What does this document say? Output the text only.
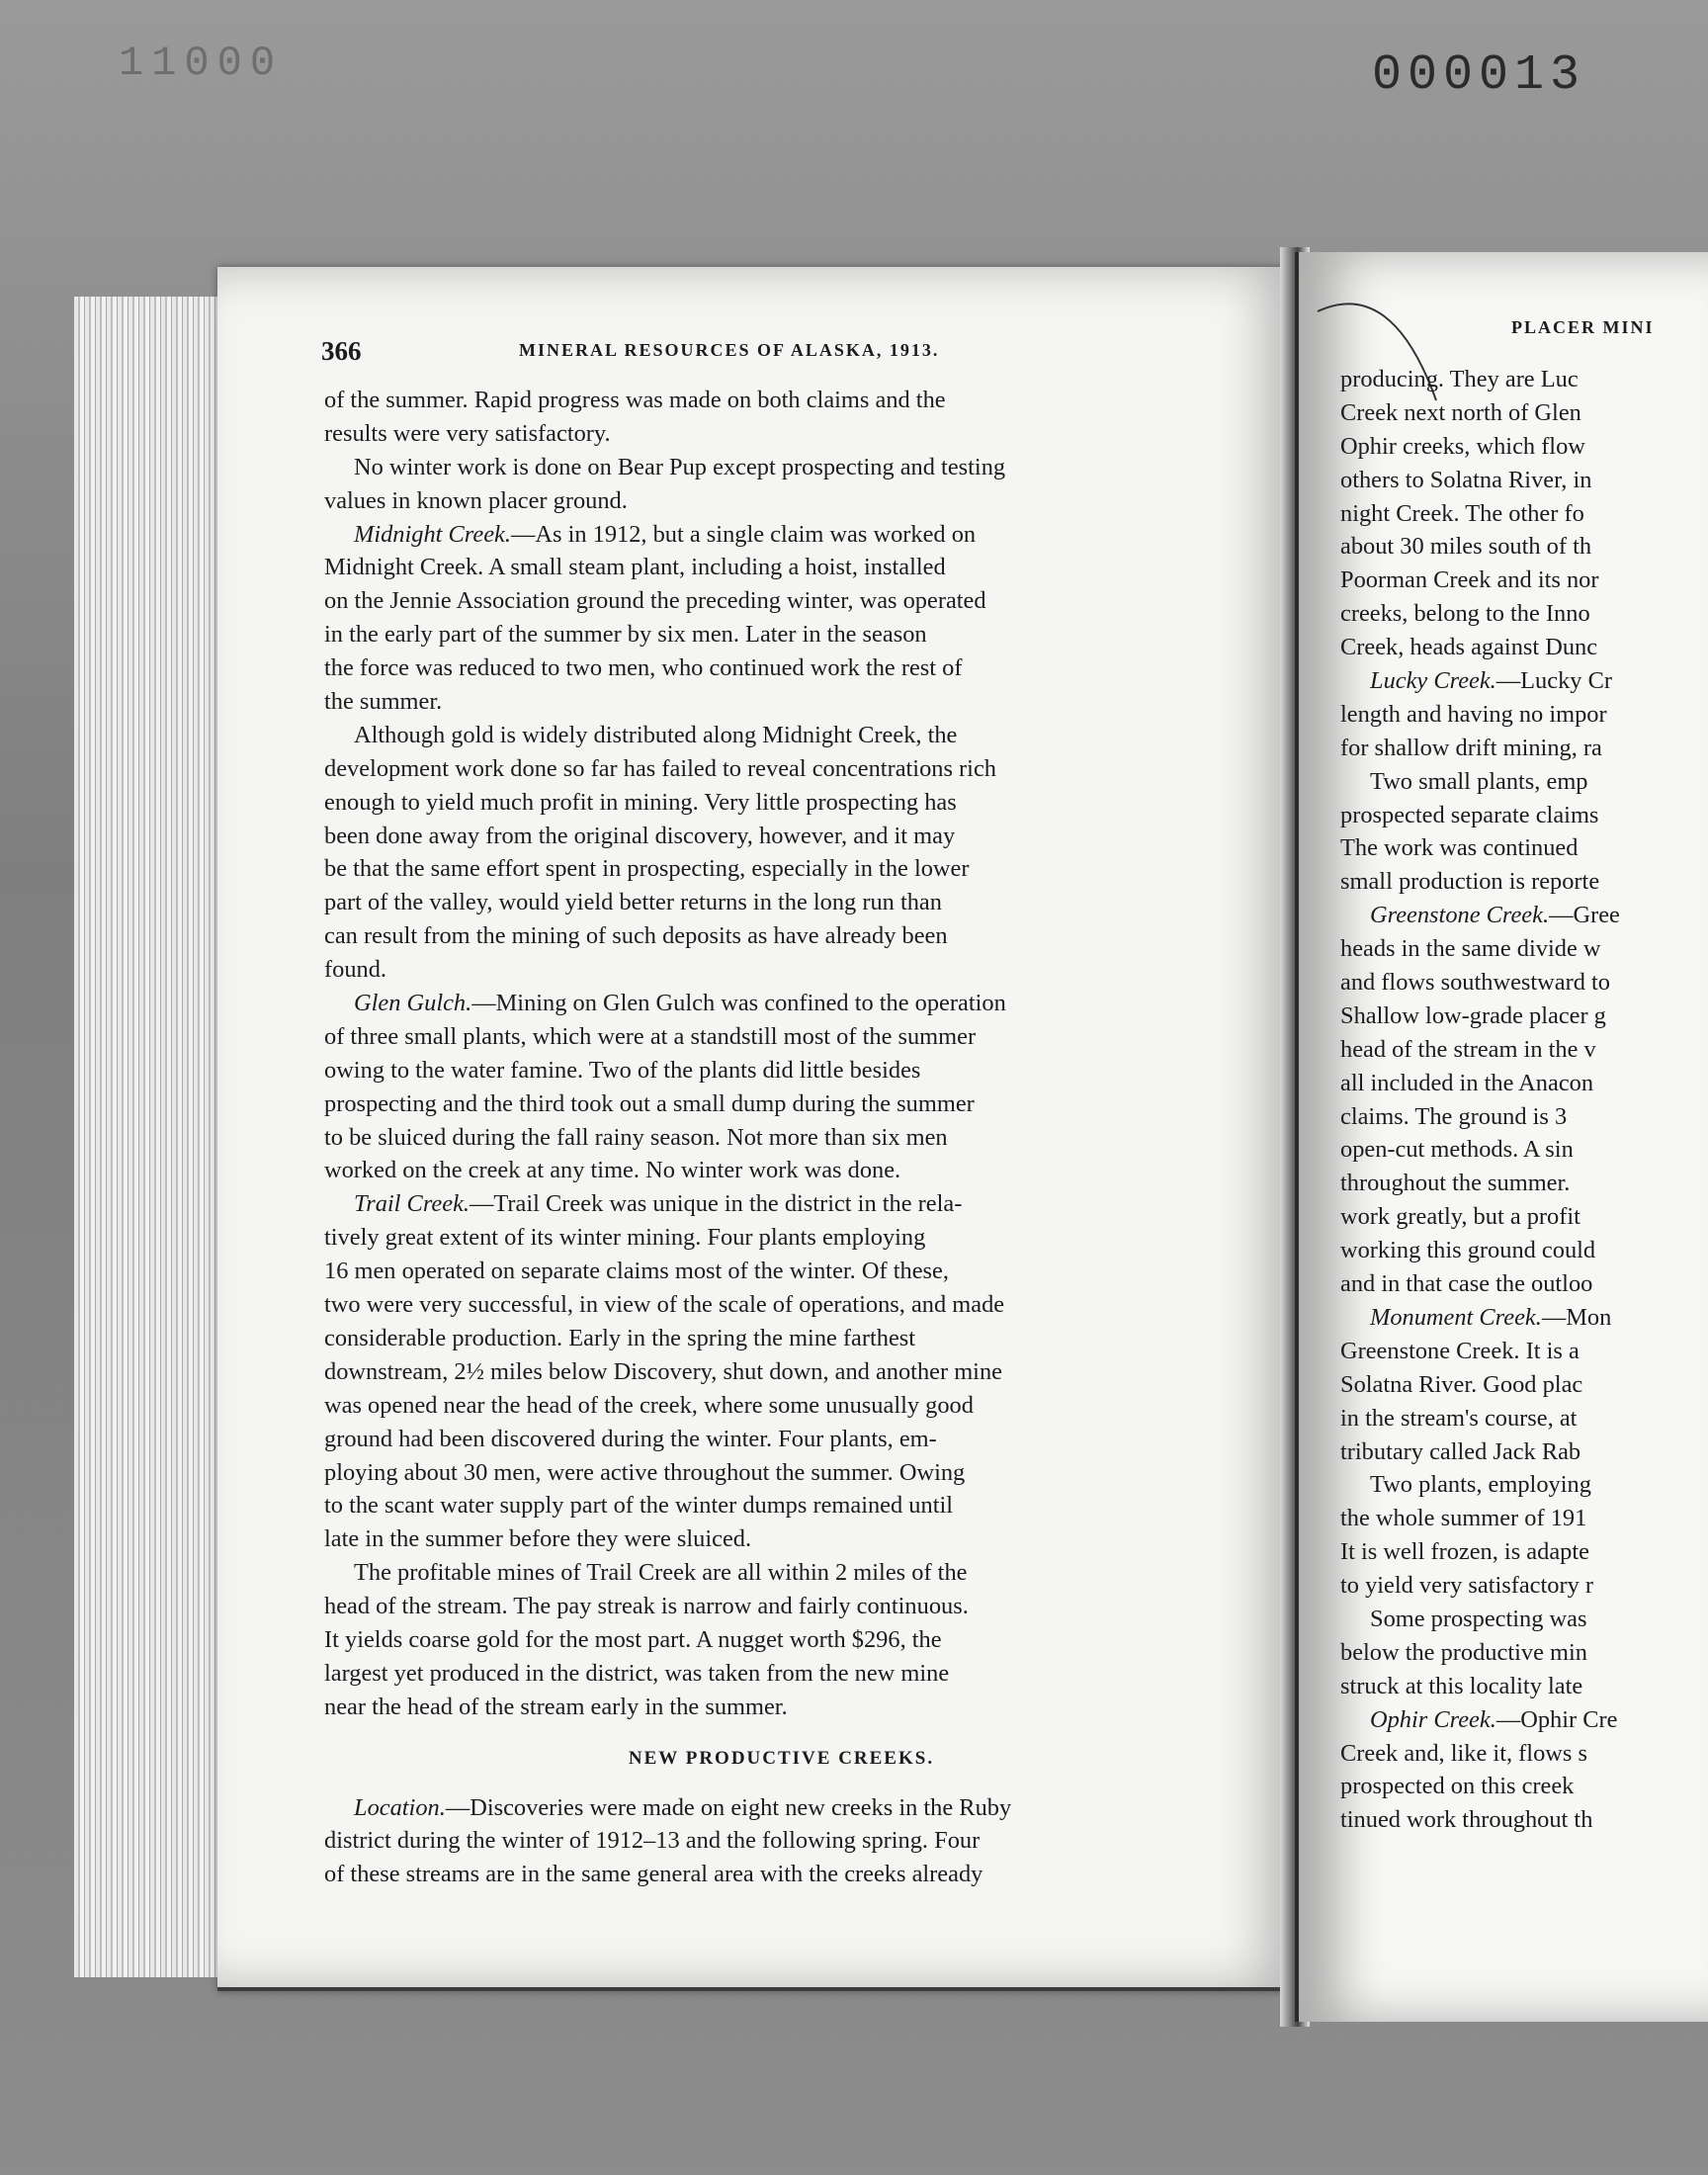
11000	000013
366	MINERAL RESOURCES OF ALASKA, 1913.
of the summer. Rapid progress was made on both claims and the
results were very satisfactory.
No winter work is done on Bear Pup except prospecting and testing
values in known placer ground.
Midnight Creek.—As in 1912, but a single claim was worked on
Midnight Creek. A small steam plant, including a hoist, installed
on the Jennie Association ground the preceding winter, was operated
in the early part of the summer by six men. Later in the season
the force was reduced to two men, who continued work the rest of
the summer.
Although gold is widely distributed along Midnight Creek, the
development work done so far has failed to reveal concentrations rich
enough to yield much profit in mining. Very little prospecting has
been done away from the original discovery, however, and it may
be that the same effort spent in prospecting, especially in the lower
part of the valley, would yield better returns in the long run than
can result from the mining of such deposits as have already been
found.
Glen Gulch.—Mining on Glen Gulch was confined to the operation
of three small plants, which were at a standstill most of the summer
owing to the water famine. Two of the plants did little besides
prospecting and the third took out a small dump during the summer
to be sluiced during the fall rainy season. Not more than six men
worked on the creek at any time. No winter work was done.
Trail Creek.—Trail Creek was unique in the district in the rela-
tively great extent of its winter mining. Four plants employing
16 men operated on separate claims most of the winter. Of these,
two were very successful, in view of the scale of operations, and made
considerable production. Early in the spring the mine farthest
downstream, 2½ miles below Discovery, shut down, and another mine
was opened near the head of the creek, where some unusually good
ground had been discovered during the winter. Four plants, em-
ploying about 30 men, were active throughout the summer. Owing
to the scant water supply part of the winter dumps remained until
late in the summer before they were sluiced.
The profitable mines of Trail Creek are all within 2 miles of the
head of the stream. The pay streak is narrow and fairly continuous.
It yields coarse gold for the most part. A nugget worth $296, the
largest yet produced in the district, was taken from the new mine
near the head of the stream early in the summer.
NEW PRODUCTIVE CREEKS.
Location.—Discoveries were made on eight new creeks in the Ruby
district during the winter of 1912–13 and the following spring. Four
of these streams are in the same general area with the creeks already
PLACER MINI
producing. They are Luc
Creek next north of Glen
Ophir creeks, which flow
others to Solatna River, in
night Creek. The other fo
about 30 miles south of th
Poorman Creek and its nor
creeks, belong to the Inno
Creek, heads against Dunc
Lucky Creek.—Lucky Cr
length and having no impor
for shallow drift mining, ra
Two small plants, emp
prospected separate claims
The work was continued
small production is reporte
Greenstone Creek.—Gree
heads in the same divide w
and flows southwestward to
Shallow low-grade placer g
head of the stream in the v
all included in the Anacon
claims. The ground is 3
open-cut methods. A sin
throughout the summer.
work greatly, but a profit
working this ground could
and in that case the outloo
Monument Creek.—Mon
Greenstone Creek. It is a
Solatna River. Good plac
in the stream's course, at
tributary called Jack Rab
Two plants, employing
the whole summer of 191
It is well frozen, is adapte
to yield very satisfactory r
Some prospecting was
below the productive min
struck at this locality late
Ophir Creek.—Ophir Cre
Creek and, like it, flows s
prospected on this creek
tinued work throughout th
